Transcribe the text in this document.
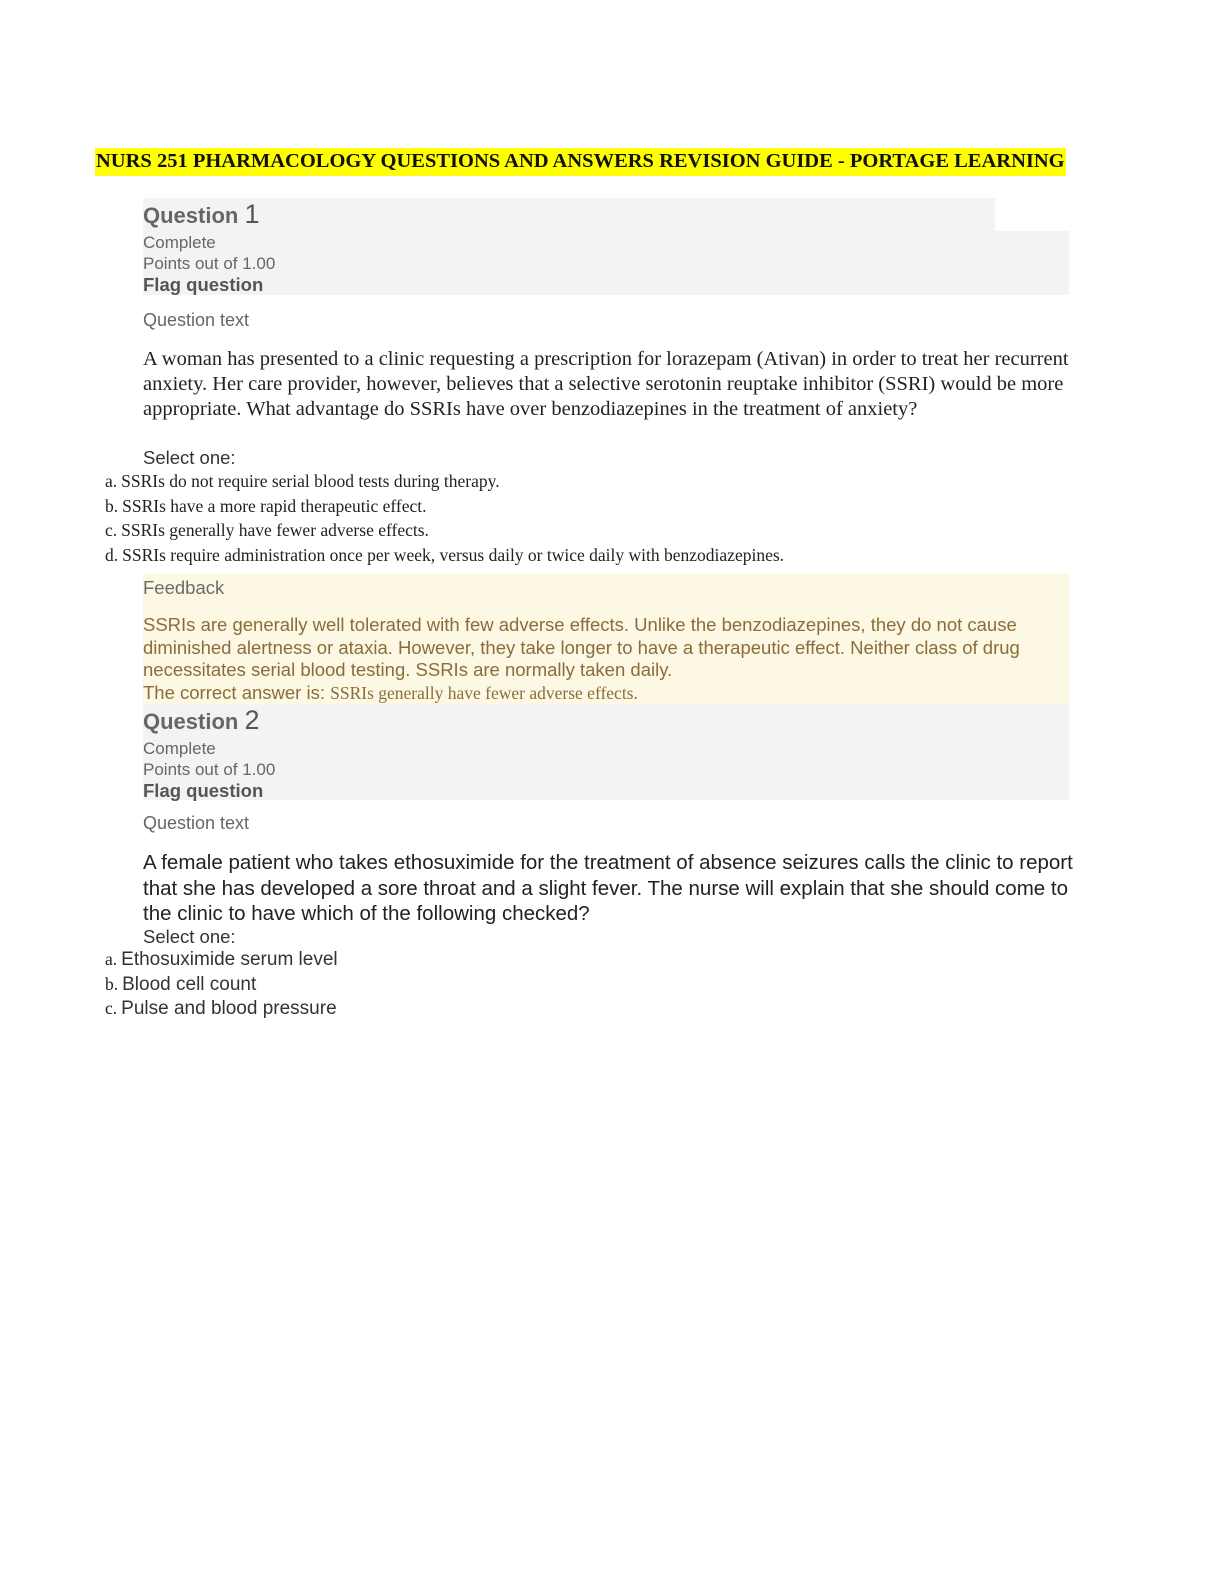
NURS 251 PHARMACOLOGY QUESTIONS AND ANSWERS REVISION GUIDE - PORTAGE LEARNING
Question 1
Complete
Points out of 1.00
Flag question
Question text
A woman has presented to a clinic requesting a prescription for lorazepam (Ativan) in order to treat her recurrent anxiety. Her care provider, however, believes that a selective serotonin reuptake inhibitor (SSRI) would be more appropriate. What advantage do SSRIs have over benzodiazepines in the treatment of anxiety?
Select one:
a. SSRIs do not require serial blood tests during therapy.
b. SSRIs have a more rapid therapeutic effect.
c. SSRIs generally have fewer adverse effects.
d. SSRIs require administration once per week, versus daily or twice daily with benzodiazepines.
Feedback
SSRIs are generally well tolerated with few adverse effects. Unlike the benzodiazepines, they do not cause diminished alertness or ataxia. However, they take longer to have a therapeutic effect. Neither class of drug necessitates serial blood testing. SSRIs are normally taken daily.
The correct answer is: SSRIs generally have fewer adverse effects.
Question 2
Complete
Points out of 1.00
Flag question
Question text
A female patient who takes ethosuximide for the treatment of absence seizures calls the clinic to report that she has developed a sore throat and a slight fever. The nurse will explain that she should come to the clinic to have which of the following checked?
Select one:
a. Ethosuximide serum level
b. Blood cell count
c. Pulse and blood pressure
